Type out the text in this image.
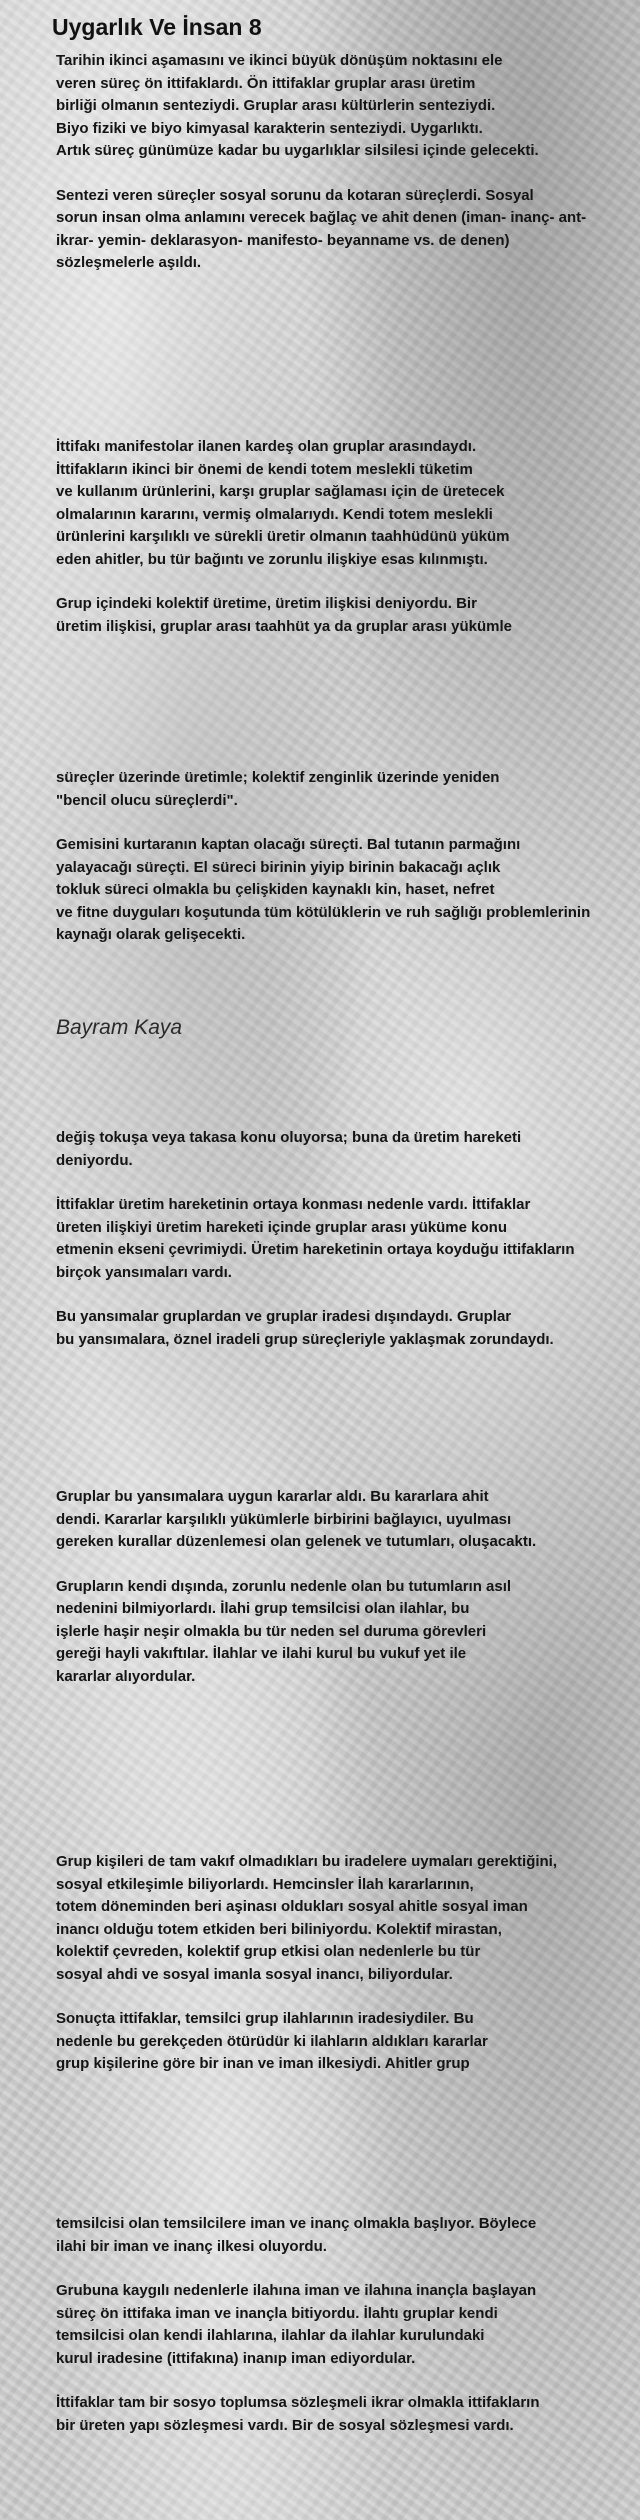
Uygarlık Ve İnsan 8

Tarihin ikinci aşamasını ve ikinci büyük dönüşüm noktasını ele
veren süreç ön ittifaklardı. Ön ittifaklar gruplar arası üretim
birliği olmanın senteziydi. Gruplar arası kültürlerin senteziydi.
Biyo fiziki ve biyo kimyasal karakterin senteziydi. Uygarlıktı.
Artık süreç günümüze kadar bu uygarlıklar silsilesi içinde gelecekti.

Sentezi veren süreçler sosyal sorunu da kotaran süreçlerdi. Sosyal
sorun insan olma anlamını verecek bağlaç ve ahit denen (iman- inanç- ant-
ikrar- yemin- deklarasyon- manifesto- beyanname vs. de denen)
sözleşmelerle aşıldı.

İttifakı manifestolar ilanen kardeş olan gruplar arasındaydı.
İttifakların ikinci bir önemi de kendi totem meslekli tüketim
ve kullanım ürünlerini, karşı gruplar sağlaması için de üretecek
olmalarının kararını, vermiş olmalarıydı. Kendi totem meslekli
ürünlerini karşılıklı ve sürekli üretir olmanın taahhüdünü yüküm
eden ahitler, bu tür bağıntı ve zorunlu ilişkiye esas kılınmıştı.

Grup içindeki kolektif üretime, üretim ilişkisi deniyordu. Bir
üretim ilişkisi, gruplar arası taahhüt ya da gruplar arası yükümle

süreçler üzerinde üretimle; kolektif zenginlik üzerinde yeniden
"bencil olucu süreçlerdi".

Gemisini kurtaranın kaptan olacağı süreçti. Bal tutanın parmağını
yalayacağı süreçti. El süreci birinin yiyip birinin bakacağı açlık
tokluk süreci olmakla bu çelişkiden kaynaklı kin, haset, nefret
ve fitne duyguları koşutunda tüm kötülüklerin ve ruh sağlığı problemlerinin
kaynağı olarak gelişecekti.

değiş tokuşa veya takasa konu oluyorsa; buna da üretim hareketi
deniyordu.

İttifaklar üretim hareketinin ortaya konması nedenle vardı. İttifaklar
üreten ilişkiyi üretim hareketi içinde gruplar arası yüküme konu
etmenin ekseni çevrimiydi. Üretim hareketinin ortaya koyduğu ittifakların
birçok yansımaları vardı.

Bu yansımalar gruplardan ve gruplar iradesi dışındaydı. Gruplar
bu yansımalara, öznel iradeli grup süreçleriyle yaklaşmak zorundaydı.

Gruplar bu yansımalara uygun kararlar aldı. Bu kararlara ahit
dendi. Kararlar karşılıklı yükümlerle birbirini bağlayıcı, uyulması
gereken kurallar düzenlemesi olan gelenek ve tutumları, oluşacaktı.

Grupların kendi dışında, zorunlu nedenle olan bu tutumların asıl
nedenini bilmiyorlardı. İlahi grup temsilcisi olan ilahlar, bu
işlerle haşir neşir olmakla bu tür neden sel duruma görevleri
gereği hayli vakıftılar. İlahlar ve ilahi kurul bu vukuf yet ile
kararlar alıyordular.

Grup kişileri de tam vakıf olmadıkları bu iradelere uymaları gerektiğini,
sosyal etkileşimle biliyorlardı. Hemcinsler İlah kararlarının,
totem döneminden beri aşinası oldukları sosyal ahitle sosyal iman
inancı olduğu totem etkiden beri biliniyordu. Kolektif mirastan,
kolektif çevreden, kolektif grup etkisi olan nedenlerle bu tür
sosyal ahdi ve sosyal imanla sosyal inancı, biliyordular.

Sonuçta ittifaklar, temsilci grup ilahlarının iradesiydiler. Bu
nedenle bu gerekçeden ötürüdür ki ilahların aldıkları kararlar
grup kişilerine göre bir inan ve iman ilkesiydi. Ahitler grup

temsilcisi olan temsilcilere iman ve inanç olmakla başlıyor. Böylece
ilahi bir iman ve inanç ilkesi oluyordu.

Grubuna kaygılı nedenlerle ilahına iman ve ilahına inançla başlayan
süreç ön ittifaka iman ve inançla bitiyordu. İlahtı gruplar kendi
temsilcisi olan kendi ilahlarına, ilahlar da ilahlar kurulundaki
kurul iradesine (ittifakına) inanıp iman ediyordular.

İttifaklar tam bir sosyo toplumsa sözleşmeli ikrar olmakla ittifakların
bir üreten yapı sözleşmesi vardı. Bir de sosyal sözleşmesi vardı.

Bayram Kaya
